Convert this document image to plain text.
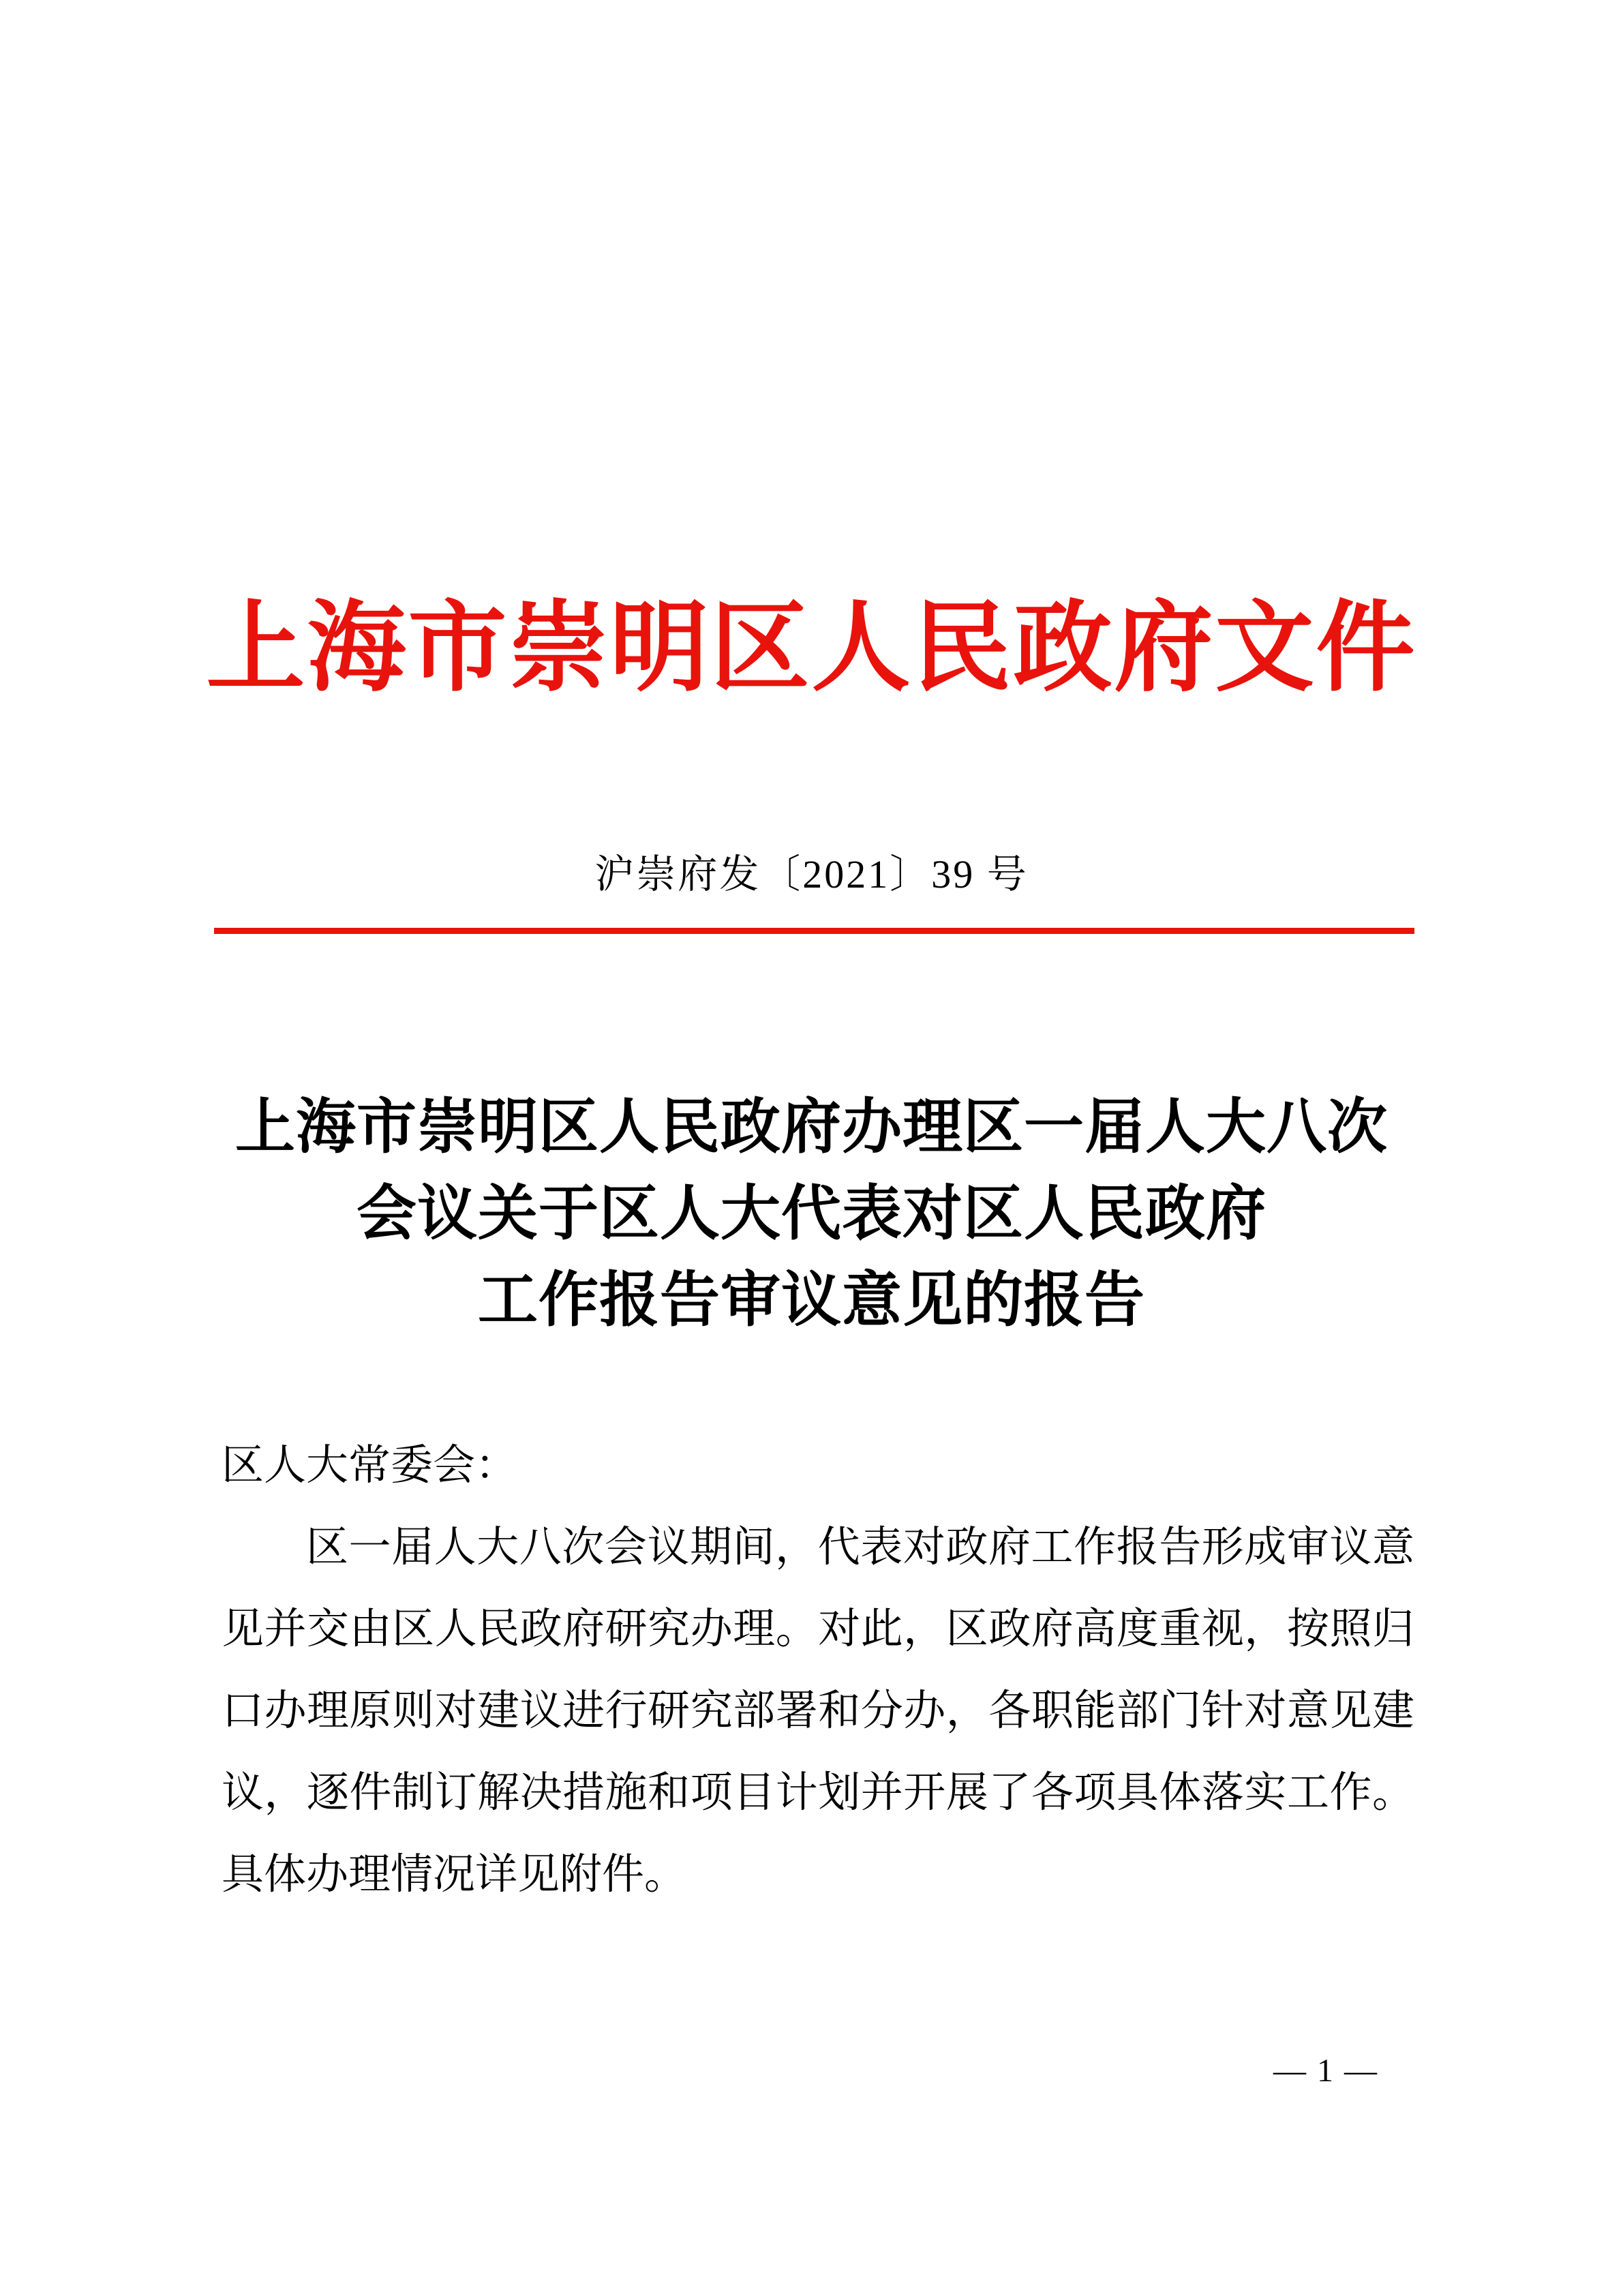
上海市崇明区人民政府文件
沪崇府发〔2021〕39 号
上海市崇明区人民政府办理区一届人大八次
会议关于区人大代表对区人民政府
工作报告审议意见的报告
区人大常委会：
区一届人大八次会议期间，代表对政府工作报告形成审议意
见并交由区人民政府研究办理。对此，区政府高度重视，按照归
口办理原则对建议进行研究部署和分办，各职能部门针对意见建
议，逐件制订解决措施和项目计划并开展了各项具体落实工作。
具体办理情况详见附件。
— 1 —
